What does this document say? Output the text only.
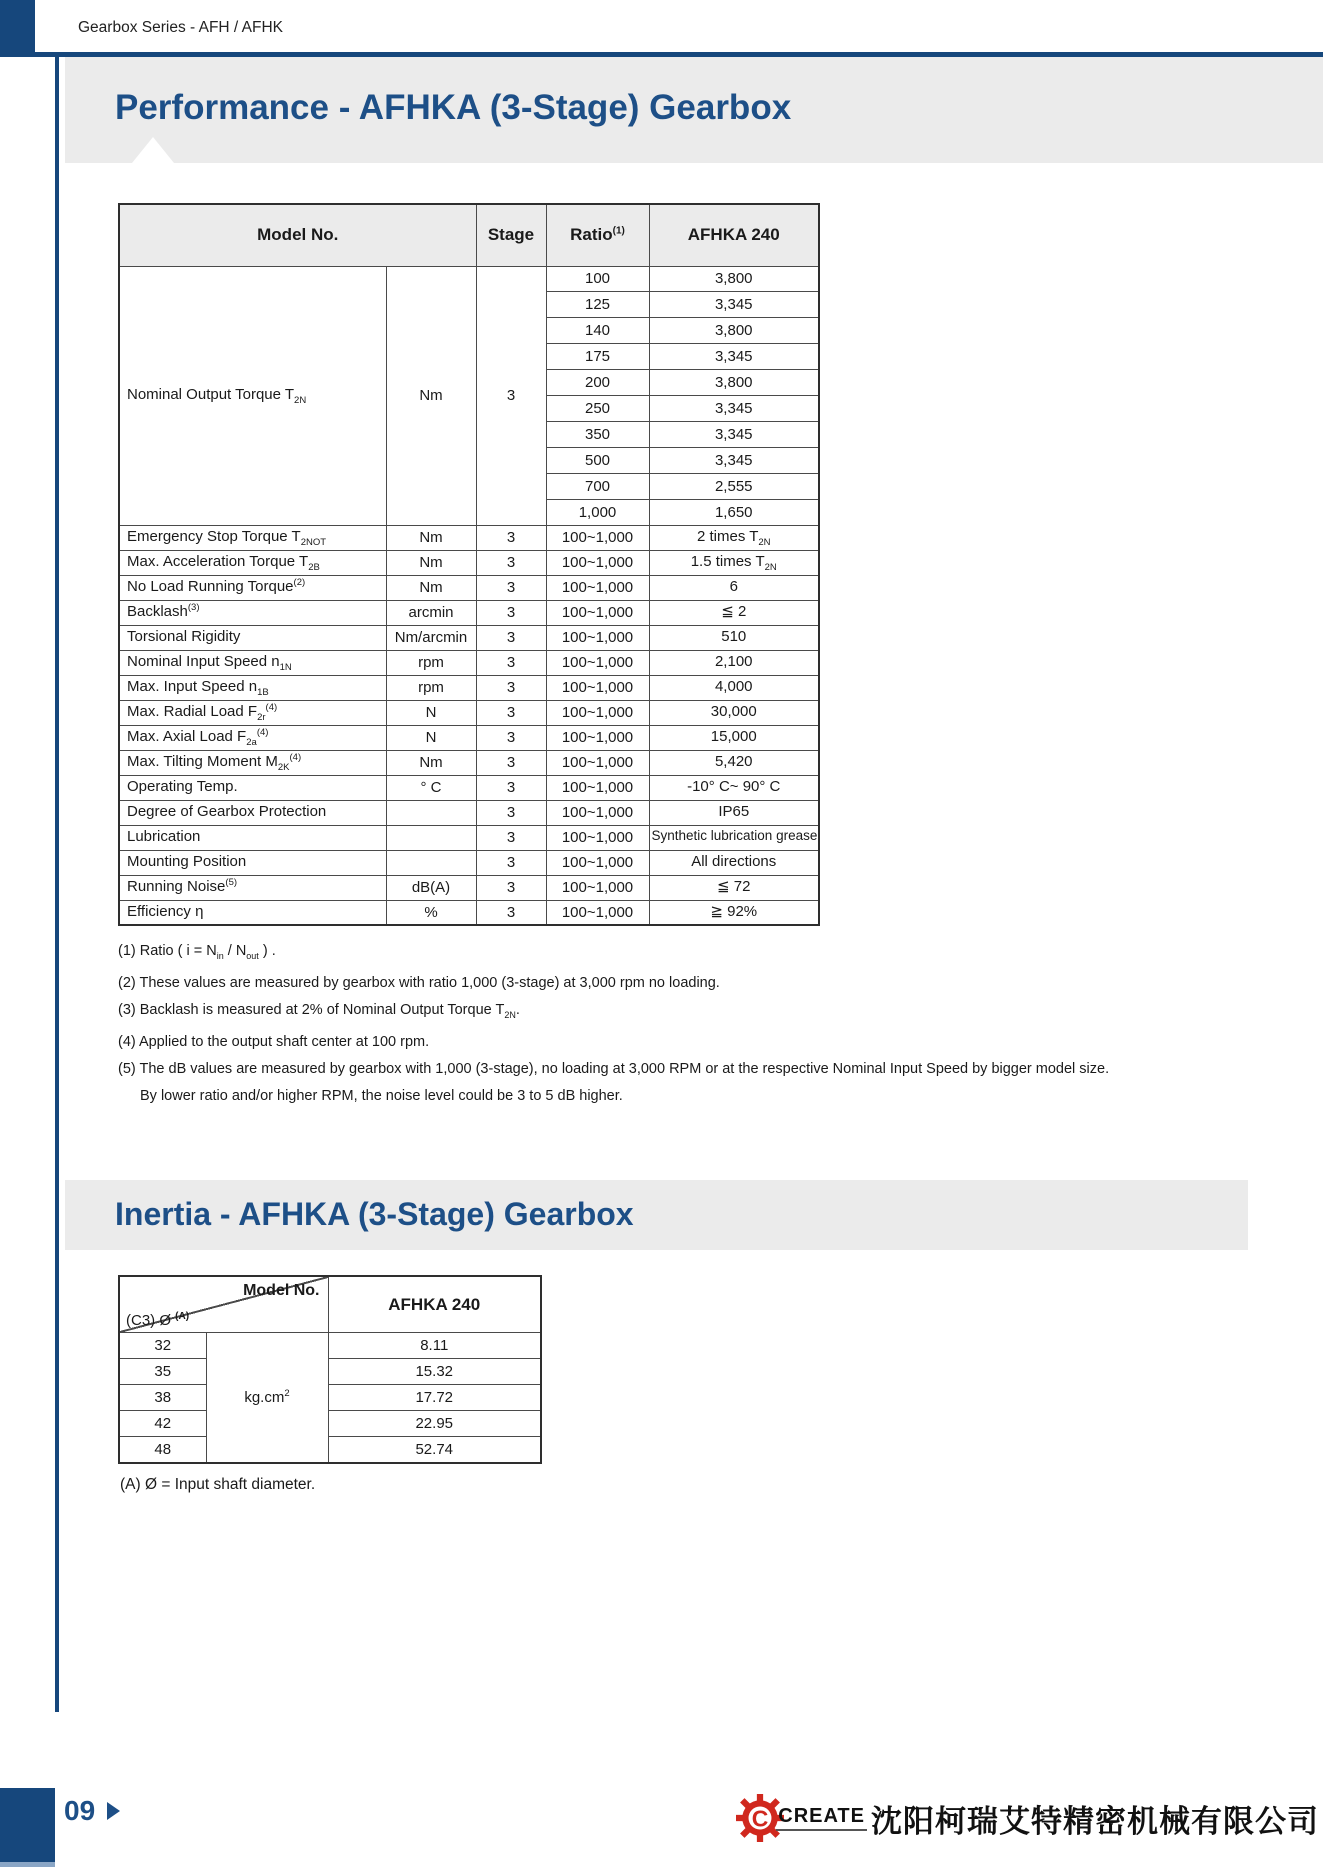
Gearbox Series - AFH / AFHK
Performance - AFHKA (3-Stage) Gearbox
Model No.		Stage	Ratio$^{(1)}$	AFHKA 240
Nominal Output Torque $T_{2N}$	Nm	3	100	3,800
			125	3,345
			140	3,800
			175	3,345
			200	3,800
			250	3,345
			350	3,345
			500	3,345
			700	2,555
			1,000	1,650
Emergency Stop Torque $T_{2NOT}$	Nm	3	100~1,000	2 times $T_{2N}$
Max. Acceleration Torque $T_{2B}$	Nm	3	100~1,000	1.5 times $T_{2N}$
No Load Running Torque$^{(2)}$	Nm	3	100~1,000	6
Backlash$^{(3)}$	arcmin	3	100~1,000	≦ 2
Torsional Rigidity	Nm/arcmin	3	100~1,000	510
Nominal Input Speed $n_{1N}$	rpm	3	100~1,000	2,100
Max. Input Speed $n_{1B}$	rpm	3	100~1,000	4,000
Max. Radial Load $F_{2r}^{(4)}$	N	3	100~1,000	30,000
Max. Axial Load $F_{2a}^{(4)}$	N	3	100~1,000	15,000
Max. Tilting Moment $M_{2K}^{(4)}$	Nm	3	100~1,000	5,420
Operating Temp.	° C	3	100~1,000	-10° C~ 90° C
Degree of Gearbox Protection		3	100~1,000	IP65
Lubrication		3	100~1,000	Synthetic lubrication grease
Mounting Position		3	100~1,000	All directions
Running Noise$^{(5)}$	dB(A)	3	100~1,000	≦ 72
Efficiency η	%	3	100~1,000	≧ 92%
(1) Ratio ( $i = N_{in} / N_{out}$ ) .
(2) These values are measured by gearbox with ratio 1,000 (3-stage) at 3,000 rpm no loading.
(3) Backlash is measured at 2% of Nominal Output Torque $T_{2N}$.
(4) Applied to the output shaft center at 100 rpm.
(5) The dB values are measured by gearbox with 1,000 (3-stage), no loading at 3,000 RPM or at the respective Nominal Input Speed by bigger model size.
By lower ratio and/or higher RPM, the noise level could be 3 to 5 dB higher.
Inertia - AFHKA (3-Stage) Gearbox
Model No.
(C3) Ø $^{(A)}$		AFHKA 240
32	$kg.cm^2$	8.11
35		15.32
38		17.72
42		22.95
48		52.74
(A) Ø = Input shaft diameter.
09	C CREATE 沈阳柯瑞艾特精密机械有限公司
